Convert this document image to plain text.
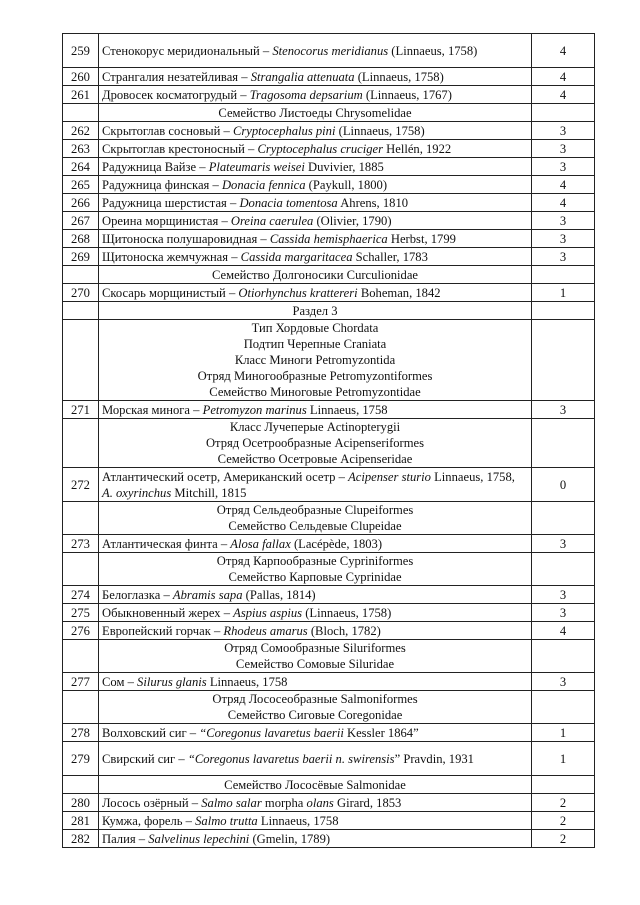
259	Стенокорус меридиональный – Stenocorus meridianus (Linnaeus, 1758)	4
260	Странгалия незатейливая – Strangalia attenuata (Linnaeus, 1758)	4
261	Дровосек косматогрудый – Tragosoma depsarium (Linnaeus, 1767)	4

	Семейство Листоеды Chrysomelidae	

262	Скрытоглав сосновый – Cryptocephalus pini (Linnaeus, 1758)	3
263	Скрытоглав крестоносный – Cryptocephalus cruciger Hellén, 1922	3
264	Радужница Вайзе – Plateumaris weisei Duvivier, 1885	3
265	Радужница финская – Donacia fennica (Paykull, 1800)	4
266	Радужница шерстистая – Donacia tomentosa Ahrens, 1810	4
267	Ореина морщинистая – Oreina caerulea (Olivier, 1790)	3
268	Щитоноска полушаровидная – Cassida hemisphaerica Herbst, 1799	3
269	Щитоноска жемчужная – Cassida margaritacea Schaller, 1783	3

	Семейство Долгоносики Curculionidae	

270	Скосарь морщинистый – Otiorhynchus krattereri Boheman, 1842	1

	Раздел 3	

	Тип Хордовые Chordata
Подтип Черепные Craniata
Класс Миноги Petromyzontida
Отряд Миногообразные Petromyzontiformes
Семейство Миноговые Petromyzontidae	

271	Морская минога – Petromyzon marinus Linnaeus, 1758	3

	Класс Лучеперые Actinopterygii
Отряд Осетрообразные Acipenseriformes
Семейство Осетровые Acipenseridae	

272	Атлантический осетр, Американский осетр – Acipenser sturio Linnaeus, 1758, A. oxyrinchus Mitchill, 1815	0

	Отряд Сельдеобразные Clupeiformes
Семейство Сельдевые Clupeidae	

273	Атлантическая финта – Alosa fallax (Lacépède, 1803)	3

	Отряд Карпообразные Cypriniformes
Семейство Карповые Cyprinidae	

274	Белоглазка – Abramis sapa (Pallas, 1814)	3
275	Обыкновенный жерех – Aspius aspius (Linnaeus, 1758)	3
276	Европейский горчак – Rhodeus amarus (Bloch, 1782)	4

	Отряд Сомообразные Siluriformes
Семейство Сомовые Siluridae	

277	Сом – Silurus glanis Linnaeus, 1758	3

	Отряд Лососеобразные Salmoniformes
Семейство Сиговые Coregonidae	

278	Волховский сиг – “Coregonus lavaretus baerii Kessler 1864”	1
279	Свирский сиг – “Coregonus lavaretus baerii n. swirensis” Pravdin, 1931	1

	Семейство Лососёвые Salmonidae	

280	Лосось озёрный – Salmo salar morpha olans Girard, 1853	2
281	Кумжа, форель – Salmo trutta Linnaeus, 1758	2
282	Палия – Salvelinus lepechini (Gmelin, 1789)	2
